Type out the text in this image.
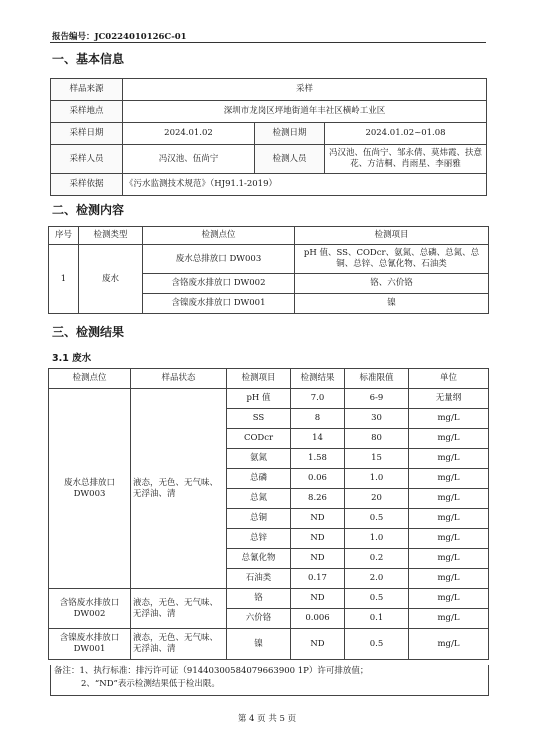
报告编号：JC0224010126C-01
一、基本信息
样品来源	采样		
采样地点	深圳市龙岗区坪地街道年丰社区横岭工业区		
采样日期	2024.01.02	检测日期	2024.01.02~01.08
采样人员	冯汉池、伍尚宁	检测人员	冯汉池、伍尚宁、邹永倩、莫炜霞、扶意花、方洁桐、肖雨星、李丽雅
采样依据	《污水监测技术规范》（HJ91.1-2019）		
二、检测内容
序号	检测类型	检测点位	检测项目
1	废水	废水总排放口 DW003	pH 值、SS、CODcr、氨氮、总磷、总氮、总铜、总锌、总氰化物、石油类
		含铬废水排放口 DW002	铬、六价铬
		含镍废水排放口 DW001	镍
三、检测结果
3.1 废水
检测点位	样品状态	检测项目	检测结果	标准限值	单位
废水总排放口 DW003	液态，无色、无气味、无浮油、清	pH 值	7.0	6-9	无量纲
		SS	8	30	mg/L
		CODcr	14	80	mg/L
		氨氮	1.58	15	mg/L
		总磷	0.06	1.0	mg/L
		总氮	8.26	20	mg/L
		总铜	ND	0.5	mg/L
		总锌	ND	1.0	mg/L
		总氰化物	ND	0.2	mg/L
		石油类	0.17	2.0	mg/L
含铬废水排放口 DW002	液态，无色、无气味、无浮油、清	铬	ND	0.5	mg/L
		六价铬	0.006	0.1	mg/L
含镍废水排放口 DW001	液态，无色、无气味、无浮油、清	镍	ND	0.5	mg/L
备注：1、执行标准：排污许可证（91440300584079663900 1P）许可排放值；
2、“ND”表示检测结果低于检出限。
第 4 页 共 5 页
